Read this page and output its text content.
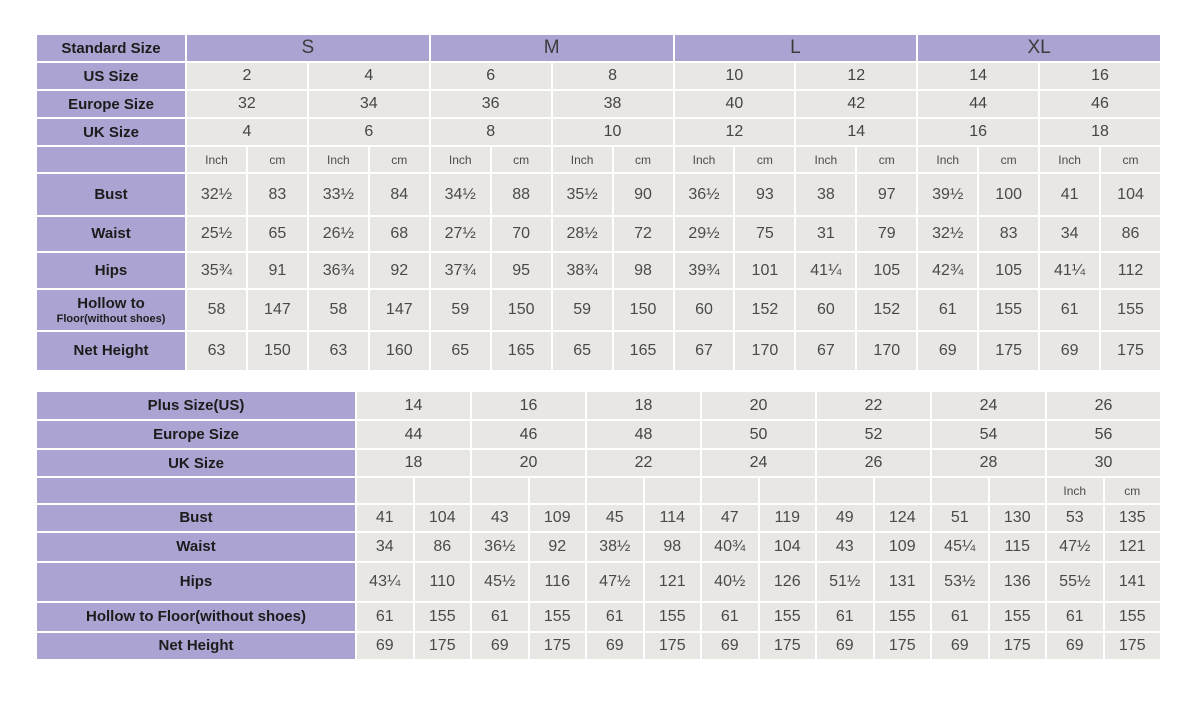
Standard Size	S				M				L				XL			
US Size	2		4		6		8		10		12		14		16	
Europe Size	32		34		36		38		40		42		44		46	
UK Size	4		6		8		10		12		14		16		18	
	Inch	cm	Inch	cm	Inch	cm	Inch	cm	Inch	cm	Inch	cm	Inch	cm	Inch	cm

Bust	32½	83	33½	84	34½	88	35½	90	36½	93	38	97	39½	100	41	104

Waist	25½	65	26½	68	27½	70	28½	72	29½	75	31	79	32½	83	34	86

Hips	35¾	91	36¾	92	37¾	95	38¾	98	39¾	101	41¼	105	42¾	105	41¼	112

Hollow to
Floor(without shoes)	58	147	58	147	59	150	59	150	60	152	60	152	61	155	61	155

Net Height	63	150	63	160	65	165	65	165	67	170	67	170	69	175	69	175
Plus Size(US)	14		16		18		20		22		24		26	
Europe Size	44		46		48		50		52		54		56	
UK Size	18		20		22		24		26		28		30	
													Inch	cm

Bust	41	104	43	109	45	114	47	119	49	124	51	130	53	135

Waist	34	86	36½	92	38½	98	40¾	104	43	109	45¼	115	47½	121

Hips	43¼	110	45½	116	47½	121	40½	126	51½	131	53½	136	55½	141

Hollow to Floor(without shoes)	61	155	61	155	61	155	61	155	61	155	61	155	61	155

Net Height	69	175	69	175	69	175	69	175	69	175	69	175	69	175
